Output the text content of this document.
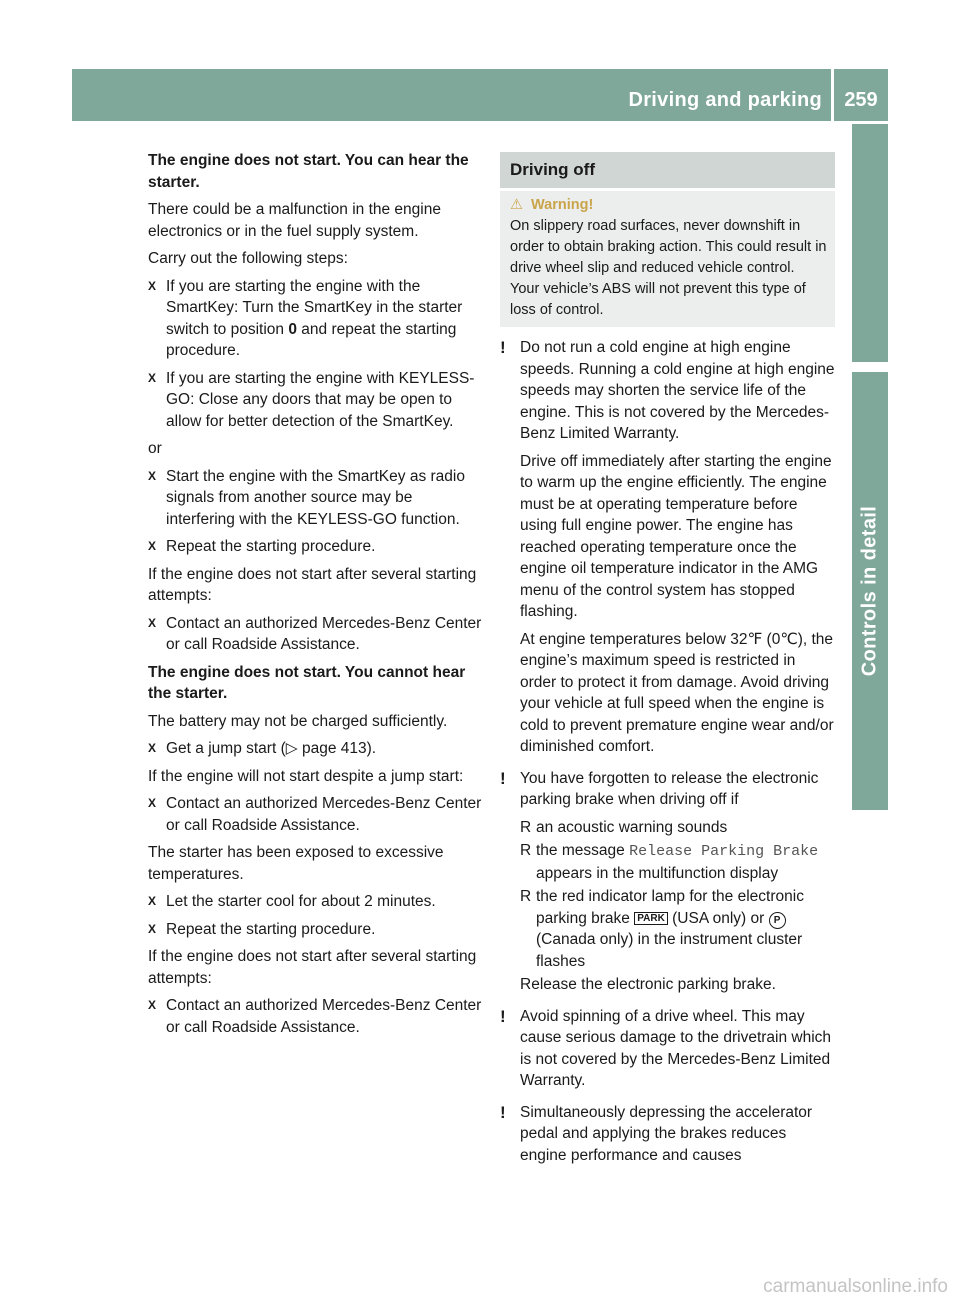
Driving and parking	259
Controls in detail

The engine does not start. You can hear the starter.

There could be a malfunction in the engine electronics or in the fuel supply system.

Carry out the following steps:

X If you are starting the engine with the SmartKey: Turn the SmartKey in the starter switch to position 0 and repeat the starting procedure.
X If you are starting the engine with KEYLESS-GO: Close any doors that may be open to allow for better detection of the SmartKey.

or

X Start the engine with the SmartKey as radio signals from another source may be interfering with the KEYLESS-GO function.
X Repeat the starting procedure.

If the engine does not start after several starting attempts:

X Contact an authorized Mercedes-Benz Center or call Roadside Assistance.

The engine does not start. You cannot hear the starter.

The battery may not be charged sufficiently.

X Get a jump start (▷ page 413).

If the engine will not start despite a jump start:

X Contact an authorized Mercedes-Benz Center or call Roadside Assistance.

The starter has been exposed to excessive temperatures.

X Let the starter cool for about 2 minutes.
X Repeat the starting procedure.

If the engine does not start after several starting attempts:

X Contact an authorized Mercedes-Benz Center or call Roadside Assistance.
Driving off
⚠ Warning!
On slippery road surfaces, never downshift in order to obtain braking action. This could result in drive wheel slip and reduced vehicle control. Your vehicle’s ABS will not prevent this type of loss of control.
! Do not run a cold engine at high engine speeds. Running a cold engine at high engine speeds may shorten the service life of the engine. This is not covered by the Mercedes-Benz Limited Warranty.

Drive off immediately after starting the engine to warm up the engine efficiently. The engine must be at operating temperature before using full engine power. The engine has reached operating temperature once the engine oil temperature indicator in the AMG menu of the control system has stopped flashing.

At engine temperatures below 32℉ (0℃), the engine’s maximum speed is restricted in order to protect it from damage. Avoid driving your vehicle at full speed when the engine is cold to prevent premature engine wear and/or diminished comfort.

! You have forgotten to release the electronic parking brake when driving off if
R an acoustic warning sounds
R the message Release Parking Brake appears in the multifunction display
R the red indicator lamp for the electronic parking brake PARK (USA only) or P (Canada only) in the instrument cluster flashes

Release the electronic parking brake.

! Avoid spinning of a drive wheel. This may cause serious damage to the drivetrain which is not covered by the Mercedes-Benz Limited Warranty.
! Simultaneously depressing the accelerator pedal and applying the brakes reduces engine performance and causes
carmanualsonline.info
